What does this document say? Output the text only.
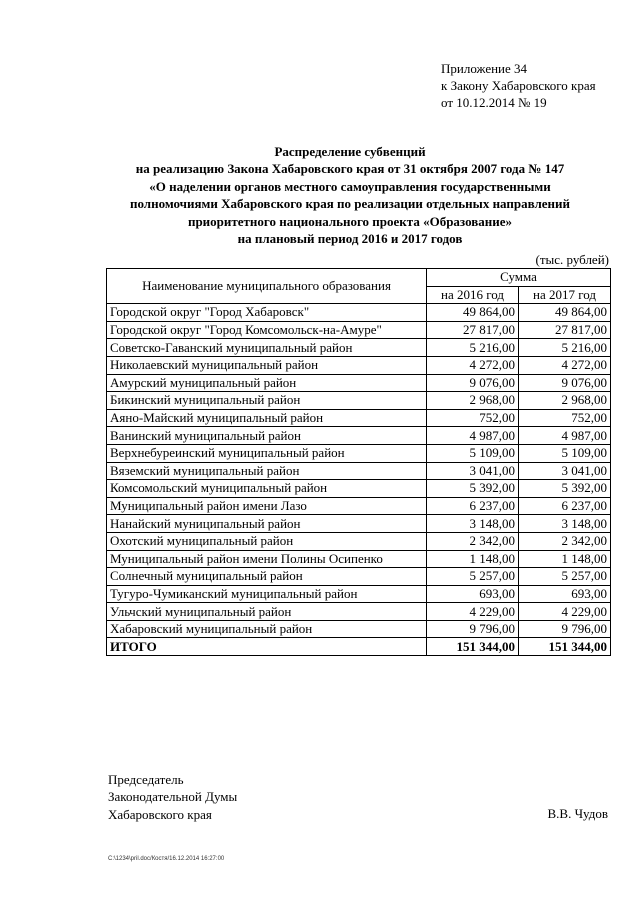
Приложение 34
к Закону Хабаровского края
от 10.12.2014 № 19
Распределение субвенций
на реализацию Закона Хабаровского края от 31 октября 2007 года № 147
«О наделении органов местного самоуправления государственными
полномочиями Хабаровского края по реализации отдельных направлений
приоритетного национального проекта «Образование»
на плановый период 2016 и 2017 годов
(тыс. рублей)
Наименование муниципального образования	Сумма	
	на 2016 год	на 2017 год
Городской округ "Город Хабаровск"	49 864,00	49 864,00
Городской округ "Город Комсомольск-на-Амуре"	27 817,00	27 817,00
Советско-Гаванский муниципальный район	5 216,00	5 216,00
Николаевский муниципальный район	4 272,00	4 272,00
Амурский муниципальный район	9 076,00	9 076,00
Бикинский муниципальный район	2 968,00	2 968,00
Аяно-Майский муниципальный район	752,00	752,00
Ванинский муниципальный район	4 987,00	4 987,00
Верхнебуреинский муниципальный район	5 109,00	5 109,00
Вяземский муниципальный район	3 041,00	3 041,00
Комсомольский муниципальный район	5 392,00	5 392,00
Муниципальный район имени Лазо	6 237,00	6 237,00
Нанайский муниципальный район	3 148,00	3 148,00
Охотский муниципальный район	2 342,00	2 342,00
Муниципальный район имени Полины Осипенко	1 148,00	1 148,00
Солнечный муниципальный район	5 257,00	5 257,00
Тугуро-Чумиканский муниципальный район	693,00	693,00
Ульчский муниципальный район	4 229,00	4 229,00
Хабаровский муниципальный район	9 796,00	9 796,00
ИТОГО	151 344,00	151 344,00
Председатель
Законодательной Думы
Хабаровского края	В.В. Чудов
C:\1234\pril.doc/Костя/16.12.2014 16:27:00
